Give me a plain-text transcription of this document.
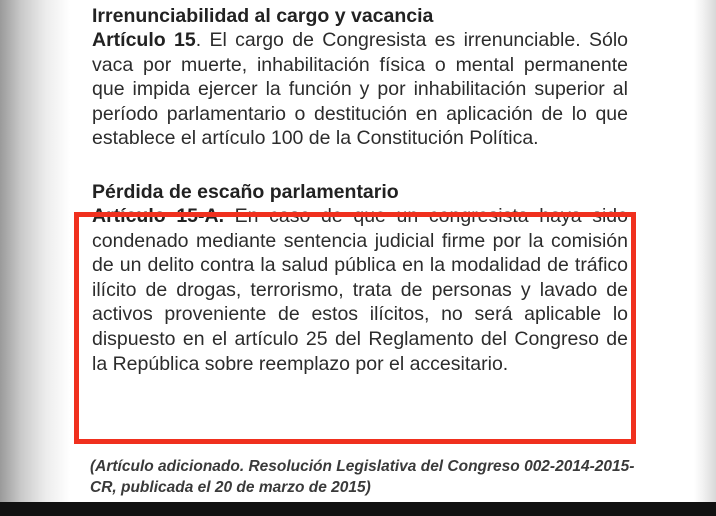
Irrenunciabilidad al cargo y vacancia

Artículo 15. El cargo de Congresista es irrenunciable. Sólo vaca por muerte, inhabilitación física o mental permanente que impida ejercer la función y por inhabilitación superior al período parlamentario o destitución en aplicación de lo que establece el artículo 100 de la Constitución Política.

Pérdida de escaño parlamentario

Artículo 15-A. En caso de que un congresista haya sido condenado mediante sentencia judicial firme por la comisión de un delito contra la salud pública en la modalidad de tráfico ilícito de drogas, terrorismo, trata de personas y lavado de activos proveniente de estos ilícitos, no será aplicable lo dispuesto en el artículo 25 del Reglamento del Congreso de la República sobre reemplazo por el accesitario.

(Artículo adicionado. Resolución Legislativa del Congreso 002-2014-2015-CR, publicada el 20 de marzo de 2015)
